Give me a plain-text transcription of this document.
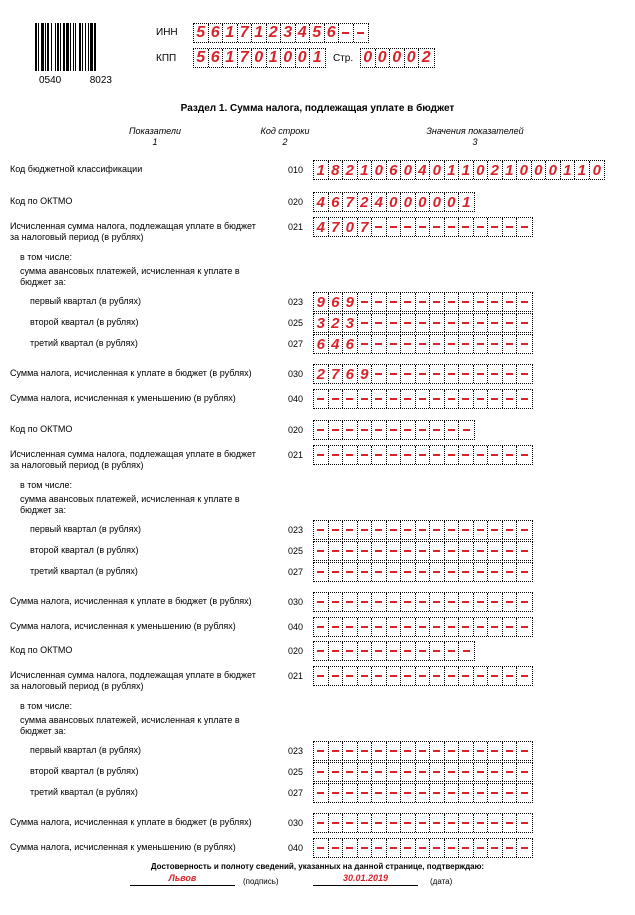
0540	8023
ИНН 5 6 1 7 1 2 3 4 5 6
КПП 5 6 1 7 0 1 0 0 1 Стр. 0 0 0 0 2
Раздел 1. Сумма налога, подлежащая уплате в бюджет
Показатели
1
Код строки
2
Значения показателей
3
Код бюджетной классификации	010 1 8 2 1 0 6 0 4 0 1 1 0 2 1 0 0 0 1 1 0
Код по ОКТМО	020 4 6 7 2 4 0 0 0 0 0 1
Исчисленная сумма налога, подлежащая уплате в бюджет за налоговый период (в рублях)
021 4 7 0 7
в том числе:
сумма авансовых платежей, исчисленная к уплате в бюджет за:
первый квартал (в рублях)	023 9 6 9
второй квартал (в рублях)	025 3 2 3
третий квартал (в рублях)	027 6 4 6
Сумма налога, исчисленная к уплате в бюджет (в рублях)	030 2 7 6 9
Сумма налога, исчисленная к уменьшению (в рублях)	040
Код по ОКТМО	020
Исчисленная сумма налога, подлежащая уплате в бюджет за налоговый период (в рублях)
021
в том числе:
сумма авансовых платежей, исчисленная к уплате в бюджет за:
первый квартал (в рублях)	023
второй квартал (в рублях)	025
третий квартал (в рублях)	027
Сумма налога, исчисленная к уплате в бюджет (в рублях)	030
Сумма налога, исчисленная к уменьшению (в рублях)	040
Код по ОКТМО	020
Исчисленная сумма налога, подлежащая уплате в бюджет за налоговый период (в рублях)
021
в том числе:
сумма авансовых платежей, исчисленная к уплате в бюджет за:
первый квартал (в рублях)	023
второй квартал (в рублях)	025
третий квартал (в рублях)	027
Сумма налога, исчисленная к уплате в бюджет (в рублях)	030
Сумма налога, исчисленная к уменьшению (в рублях)	040
Достоверность и полноту сведений, указанных на данной странице, подтверждаю:
Львов	(подпись)	30.01.2019	(дата)
